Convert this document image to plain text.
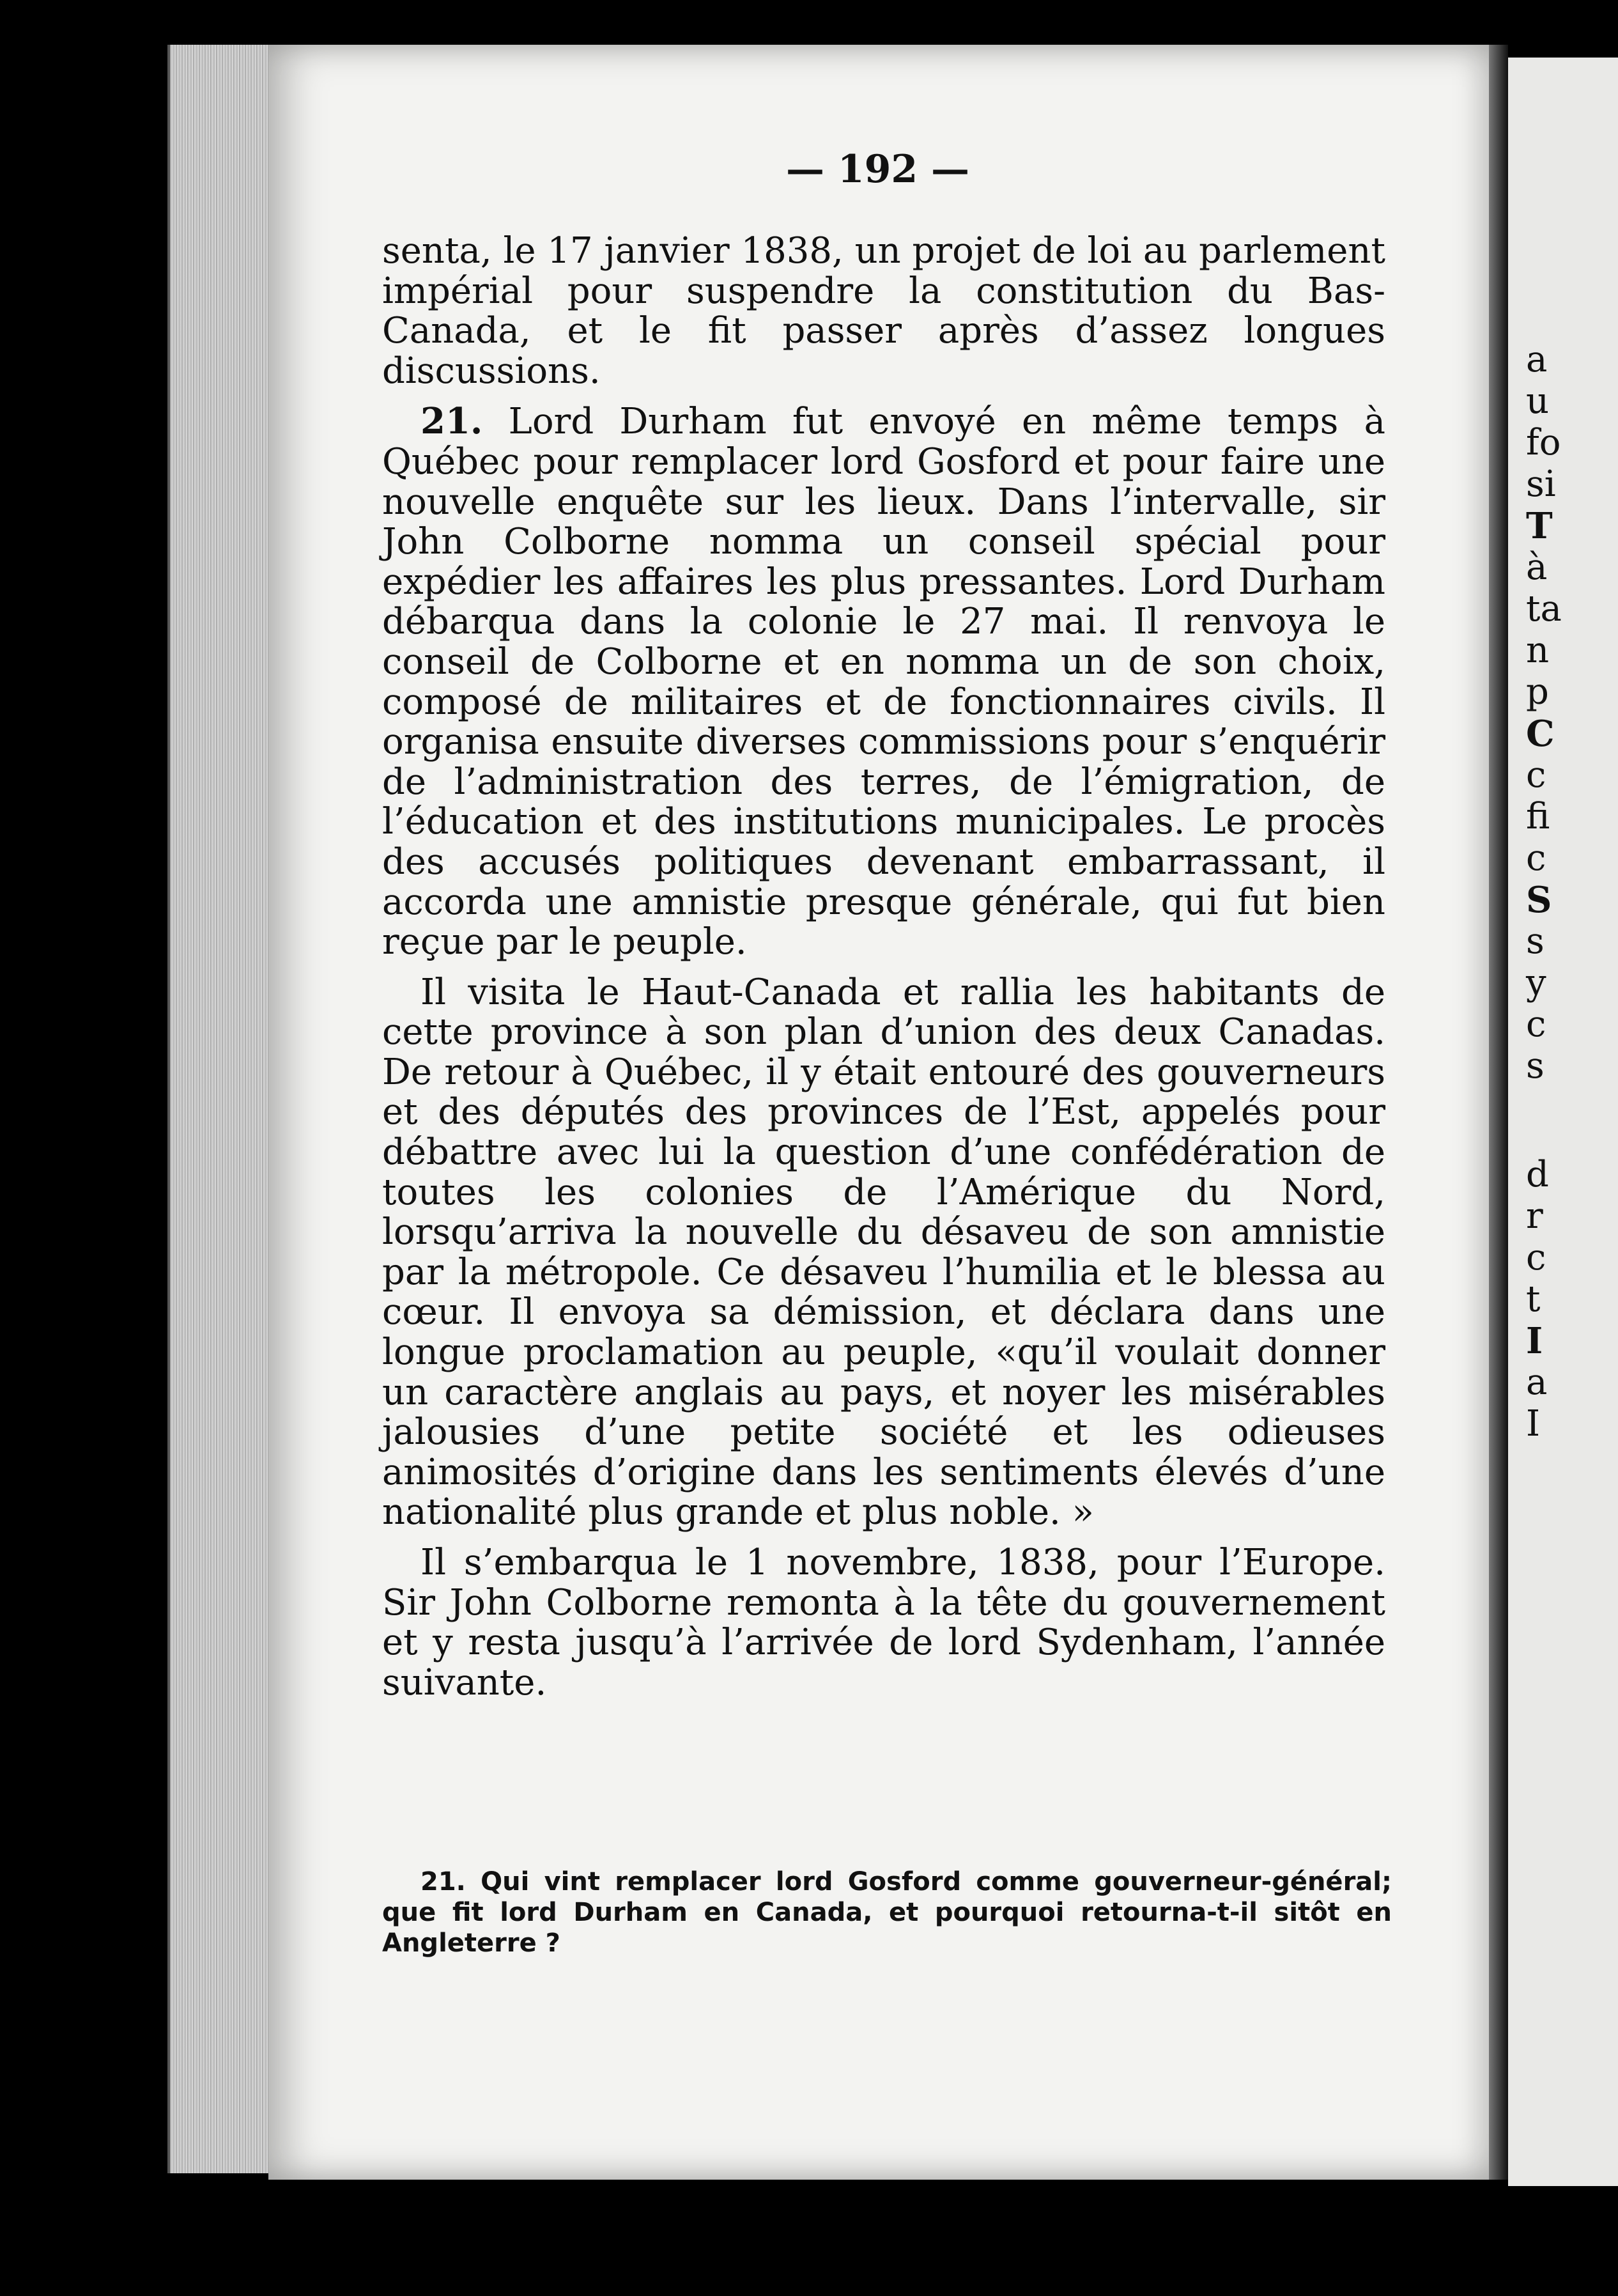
a
u
fo
si
T
à
ta
n
p
C
c
fi
c
S
s
y
c
s
d
r
c
t
I
a
I
— 192 —

senta, le 17 janvier 1838, un projet de loi au parlement impérial pour suspendre la constitution du Bas-Canada, et le fit passer après d’assez longues discussions.

21. Lord Durham fut envoyé en même temps à Québec pour remplacer lord Gosford et pour faire une nouvelle enquête sur les lieux. Dans l’intervalle, sir John Colborne nomma un conseil spécial pour expédier les affaires les plus pressantes. Lord Durham débarqua dans la colonie le 27 mai. Il renvoya le conseil de Colborne et en nomma un de son choix, composé de militaires et de fonctionnaires civils. Il organisa ensuite diverses commissions pour s’enquérir de l’administration des terres, de l’émigration, de l’éducation et des institutions municipales. Le procès des accusés politiques devenant embarrassant, il accorda une amnistie presque générale, qui fut bien reçue par le peuple.

Il visita le Haut-Canada et rallia les habitants de cette province à son plan d’union des deux Canadas. De retour à Québec, il y était entouré des gouverneurs et des députés des provinces de l’Est, appelés pour débattre avec lui la question d’une confédération de toutes les colonies de l’Amérique du Nord, lorsqu’arriva la nouvelle du désaveu de son amnistie par la métropole. Ce désaveu l’humilia et le blessa au cœur. Il envoya sa démission, et déclara dans une longue proclamation au peuple, «qu’il voulait donner un caractère anglais au pays, et noyer les misérables jalousies d’une petite société et les odieuses animosités d’origine dans les sentiments élevés d’une nationalité plus grande et plus noble. »

Il s’embarqua le 1 novembre, 1838, pour l’Europe. Sir John Colborne remonta à la tête du gouvernement et y resta jusqu’à l’arrivée de lord Sydenham, l’année suivante.

21. Qui vint remplacer lord Gosford comme gouverneur-général; que fit lord Durham en Canada, et pourquoi retourna-t-il sitôt en Angleterre ?
